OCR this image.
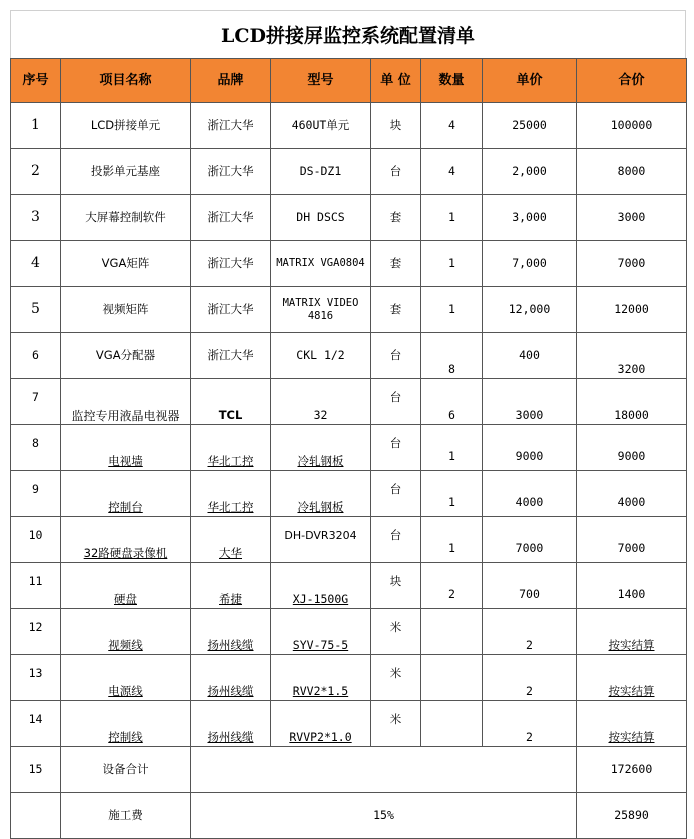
LCD拼接屏监控系统配置清单
序号	项目名称	品牌	型号	单 位	数量	单价	合价
1	LCD拼接单元	浙江大华	460UT单元	块	4	25000	100000
2	投影单元基座	浙江大华	DS-DZ1	台	4	2,000	8000
3	大屏幕控制软件	浙江大华	DH DSCS	套	1	3,000	3000
4	VGA矩阵	浙江大华	MATRIX VGA0804	套	1	7,000	7000
5	视频矩阵	浙江大华	MATRIX VIDEO 4816	套	1	12,000	12000
6	VGA分配器	浙江大华	CKL 1/2	台	8	400	3200
7	监控专用液晶电视器	TCL	32	台	6	3000	18000
8	电视墙	华北工控	冷轧钢板	台	1	9000	9000
9	控制台	华北工控	冷轧钢板	台	1	4000	4000
10	32路硬盘录像机	大华	DH-DVR3204	台	1	7000	7000
11	硬盘	希捷	XJ-1500G	块	2	700	1400
12	视频线	扬州线缆	SYV-75-5	米		2	按实结算
13	电源线	扬州线缆	RVV2*1.5	米		2	按实结算
14	控制线	扬州线缆	RVVP2*1.0	米		2	按实结算
15	设备合计						172600
	施工费	15%					25890
